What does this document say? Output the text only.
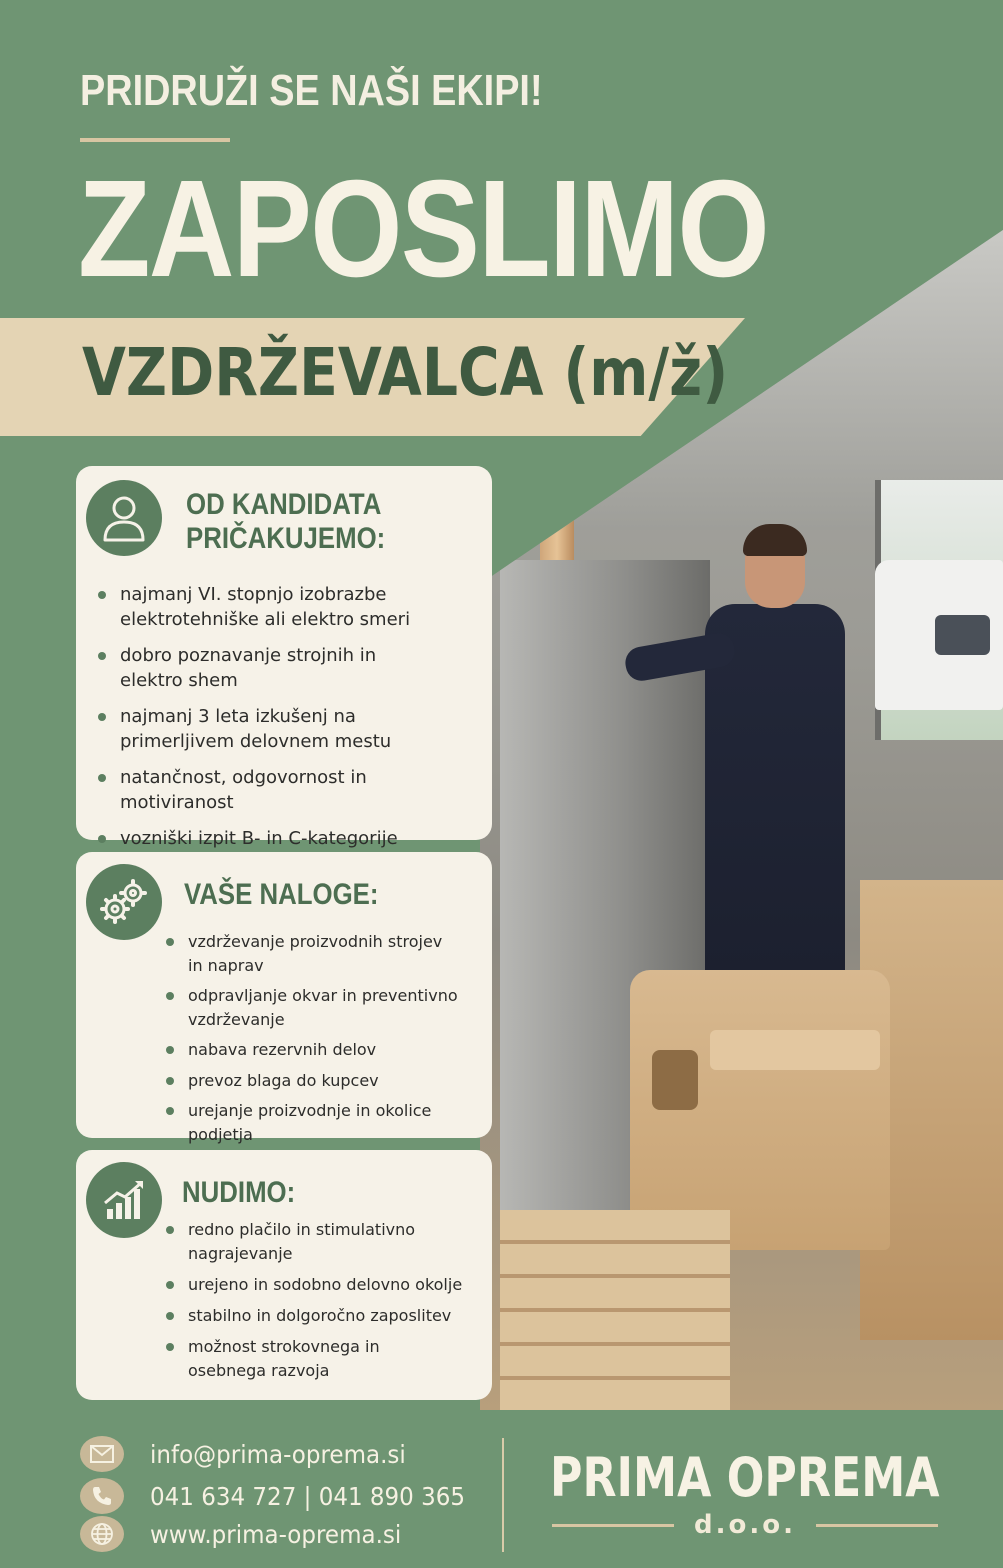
PRIDRUŽI SE NAŠI EKIPI!
ZAPOSLIMO
VZDRŽEVALCA (m/ž)
OD KANDIDATA
PRIČAKUJEMO:
najmanj VI. stopnjo izobrazbe
elektrotehniške ali elektro smeri
dobro poznavanje strojnih in
elektro shem
najmanj 3 leta izkušenj na
primerljivem delovnem mestu
natančnost, odgovornost in motiviranost
vozniški izpit B- in C-kategorije
VAŠE NALOGE:
vzdrževanje proizvodnih strojev
in naprav
odpravljanje okvar in preventivno
vzdrževanje
nabava rezervnih delov
prevoz blaga do kupcev
urejanje proizvodnje in okolice podjetja
NUDIMO:
redno plačilo in stimulativno
nagrajevanje
urejeno in sodobno delovno okolje
stabilno in dolgoročno zaposlitev
možnost strokovnega in
osebnega razvoja
info@prima-oprema.si
041 634 727 | 041 890 365
www.prima-oprema.si
PRIMA OPREMA
d.o.o.
